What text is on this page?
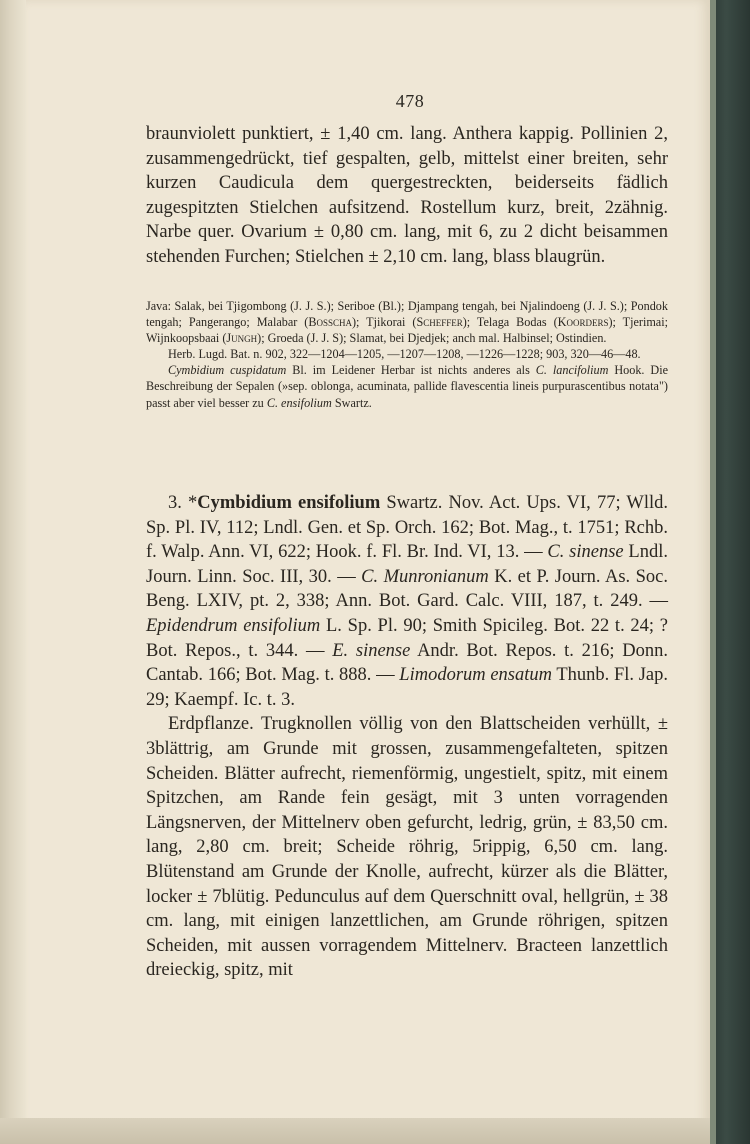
478

braunviolett punktiert, ± 1,40 cm. lang. Anthera kappig. Pollinien 2, zusammengedrückt, tief gespalten, gelb, mittelst einer breiten, sehr kurzen Caudicula dem quergestreckten, beiderseits fädlich zugespitzten Stielchen aufsitzend. Rostellum kurz, breit, 2zähnig. Narbe quer. Ovarium ± 0,80 cm. lang, mit 6, zu 2 dicht beisammen stehenden Furchen; Stielchen ± 2,10 cm. lang, blass blaugrün.

Java: Salak, bei Tjigombong (J. J. S.); Seriboe (Bl.); Djampang tengah, bei Njalindoeng (J. J. S.); Pondok tengah; Pangerango; Malabar (Bosscha); Tjikorai (Scheffer); Telaga Bodas (Koorders); Tjerimai; Wijnkoopsbaai (Jungh); Groeda (J. J. S); Slamat, bei Djedjek; anch mal. Halbinsel; Ostindien.

Herb. Lugd. Bat. n. 902, 322—1204—1205, —1207—1208, —1226—1228; 903, 320—46—48.

Cymbidium cuspidatum Bl. im Leidener Herbar ist nichts anderes als C. lancifolium Hook. Die Beschreibung der Sepalen (»sep. oblonga, acuminata, pallide flavescentia lineis purpurascentibus notata") passt aber viel besser zu C. ensifolium Swartz.

3. *Cymbidium ensifolium Swartz. Nov. Act. Ups. VI, 77; Wlld. Sp. Pl. IV, 112; Lndl. Gen. et Sp. Orch. 162; Bot. Mag., t. 1751; Rchb. f. Walp. Ann. VI, 622; Hook. f. Fl. Br. Ind. VI, 13. — C. sinense Lndl. Journ. Linn. Soc. III, 30. — C. Munronianum K. et P. Journ. As. Soc. Beng. LXIV, pt. 2, 338; Ann. Bot. Gard. Calc. VIII, 187, t. 249. — Epidendrum ensifolium L. Sp. Pl. 90; Smith Spicileg. Bot. 22 t. 24; ? Bot. Repos., t. 344. — E. sinense Andr. Bot. Repos. t. 216; Donn. Cantab. 166; Bot. Mag. t. 888. — Limodorum ensatum Thunb. Fl. Jap. 29; Kaempf. Ic. t. 3.

Erdpflanze. Trugknollen völlig von den Blattscheiden verhüllt, ± 3blättrig, am Grunde mit grossen, zusammengefalteten, spitzen Scheiden. Blätter aufrecht, riemenförmig, ungestielt, spitz, mit einem Spitzchen, am Rande fein gesägt, mit 3 unten vorragenden Längsnerven, der Mittelnerv oben gefurcht, ledrig, grün, ± 83,50 cm. lang, 2,80 cm. breit; Scheide röhrig, 5rippig, 6,50 cm. lang. Blütenstand am Grunde der Knolle, aufrecht, kürzer als die Blätter, locker ± 7blütig. Pedunculus auf dem Querschnitt oval, hellgrün, ± 38 cm. lang, mit einigen lanzettlichen, am Grunde röhrigen, spitzen Scheiden, mit aussen vorragendem Mittelnerv. Bracteen lanzettlich dreieckig, spitz, mit
